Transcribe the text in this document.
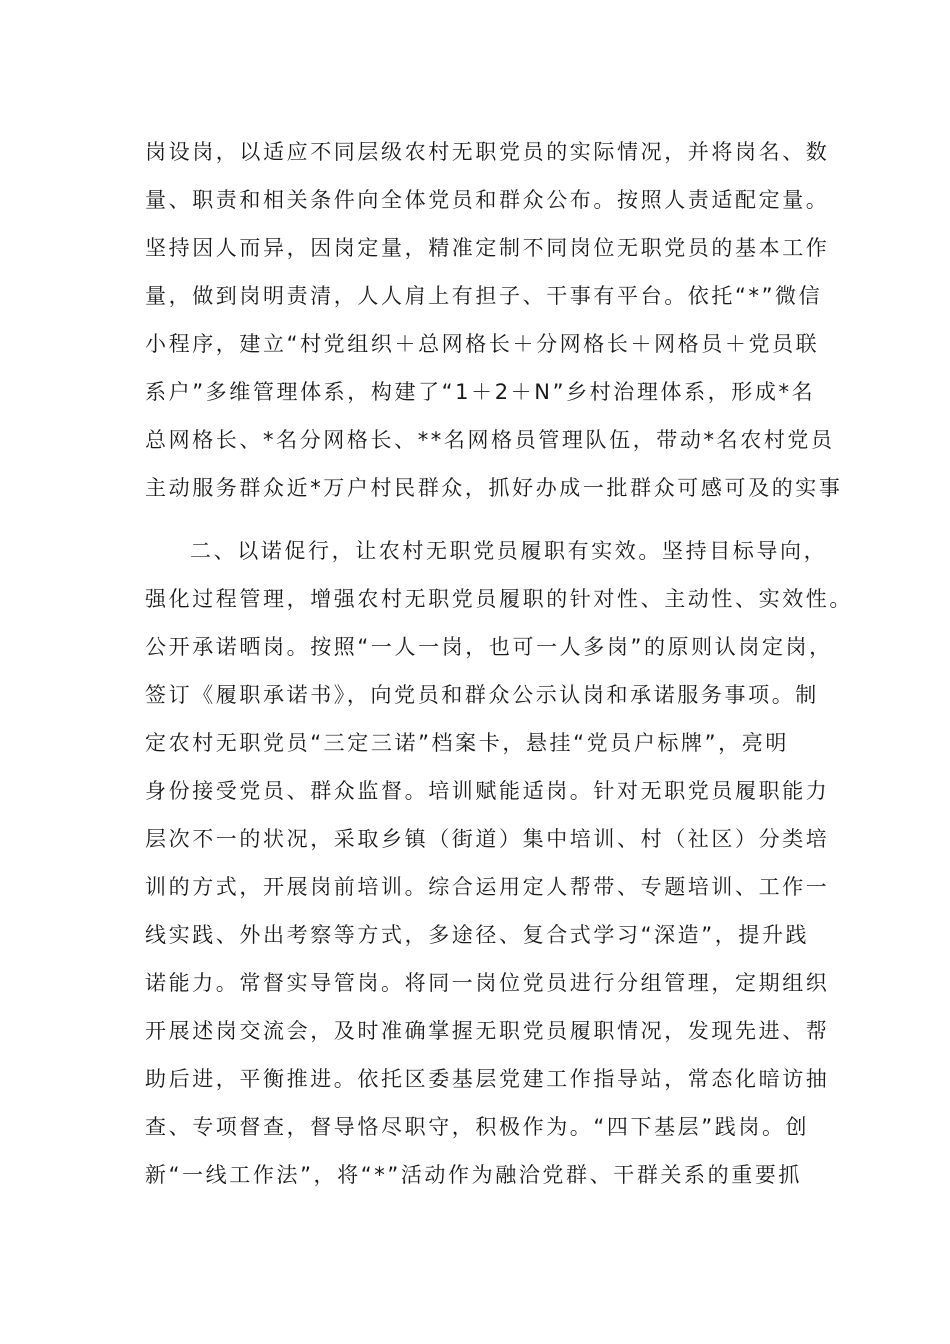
岗设岗，以适应不同层级农村无职党员的实际情况，并将岗名、数
量、职责和相关条件向全体党员和群众公布。按照人责适配定量。
坚持因人而异，因岗定量，精准定制不同岗位无职党员的基本工作
量，做到岗明责清，人人肩上有担子、干事有平台。依托“*”微信
小程序，建立“村党组织＋总网格长＋分网格长＋网格员＋党员联
系户”多维管理体系，构建了“1＋2＋N”乡村治理体系，形成*名
总网格长、*名分网格长、**名网格员管理队伍，带动*名农村党员
主动服务群众近*万户村民群众，抓好办成一批群众可感可及的实事
二、以诺促行，让农村无职党员履职有实效。坚持目标导向，
强化过程管理，增强农村无职党员履职的针对性、主动性、实效性。
公开承诺晒岗。按照“一人一岗，也可一人多岗”的原则认岗定岗，
签订《履职承诺书》，向党员和群众公示认岗和承诺服务事项。制
定农村无职党员“三定三诺”档案卡，悬挂“党员户标牌”，亮明
身份接受党员、群众监督。培训赋能适岗。针对无职党员履职能力
层次不一的状况，采取乡镇（街道）集中培训、村（社区）分类培
训的方式，开展岗前培训。综合运用定人帮带、专题培训、工作一
线实践、外出考察等方式，多途径、复合式学习“深造”，提升践
诺能力。常督实导管岗。将同一岗位党员进行分组管理，定期组织
开展述岗交流会，及时准确掌握无职党员履职情况，发现先进、帮
助后进，平衡推进。依托区委基层党建工作指导站，常态化暗访抽
查、专项督查，督导恪尽职守，积极作为。“四下基层”践岗。创
新“一线工作法”，将“*”活动作为融洽党群、干群关系的重要抓
